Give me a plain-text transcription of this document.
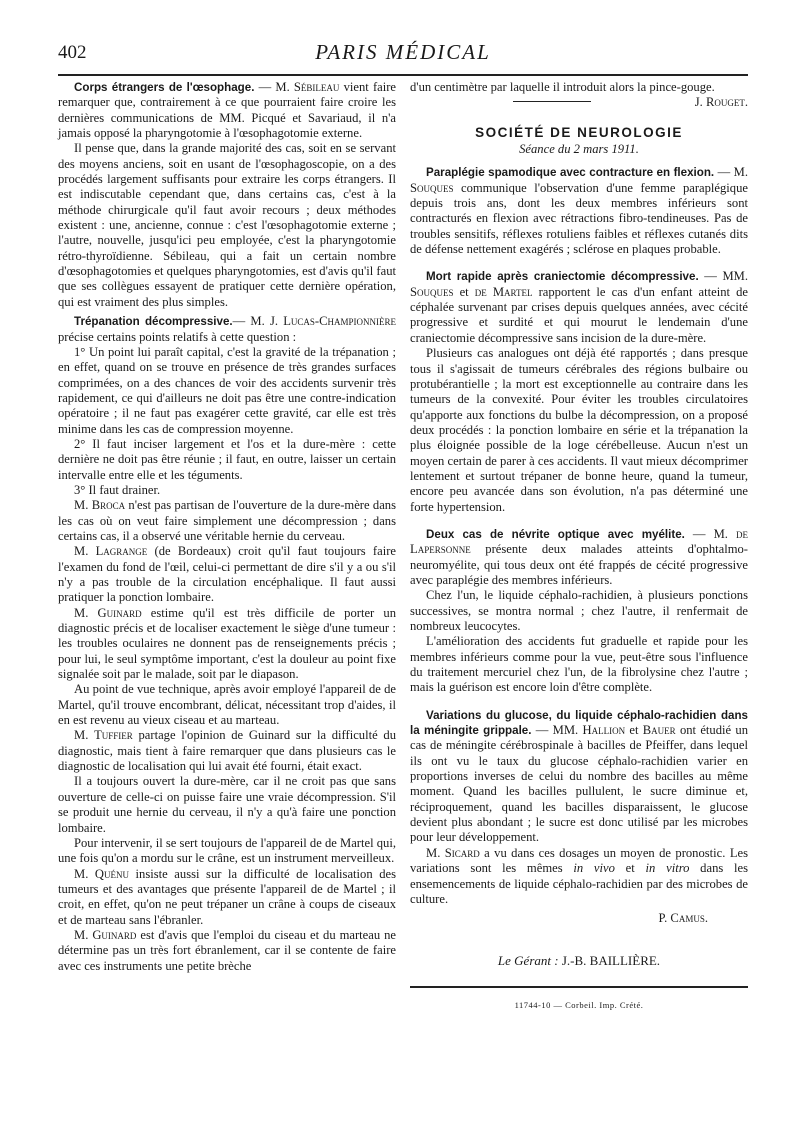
402	PARIS MÉDICAL

Corps étrangers de l'œsophage. — M. Sébileau vient faire remarquer que, contrairement à ce que pourraient faire croire les dernières communications de MM. Picqué et Savariaud, il n'a jamais opposé la pharyngotomie à l'œsophagotomie externe.

Il pense que, dans la grande majorité des cas, soit en se servant des moyens anciens, soit en usant de l'œsophagoscopie, on a des procédés largement suffisants pour extraire les corps étrangers. Il est indiscutable cependant que, dans certains cas, c'est à la méthode chirurgicale qu'il faut avoir recours ; deux méthodes existent : une, ancienne, connue : c'est l'œsophagotomie externe ; l'autre, nouvelle, jusqu'ici peu employée, c'est la pharyngotomie rétro-thyroïdienne. Sébileau, qui a fait un certain nombre d'œsophagotomies et quelques pharyngotomies, est d'avis qu'il faut que ses collègues essayent de pratiquer cette dernière opération, qui est vraiment des plus simples.

Trépanation décompressive.— M. J. Lucas-Championnière précise certains points relatifs à cette question :

1° Un point lui paraît capital, c'est la gravité de la trépanation ; en effet, quand on se trouve en présence de très grandes surfaces comprimées, on a des chances de voir des accidents survenir très rapidement, ce qui d'ailleurs ne doit pas être une contre-indication opératoire ; il ne faut pas exagérer cette gravité, car elle est très minime dans les cas de compression moyenne.

2° Il faut inciser largement et l'os et la dure-mère : cette dernière ne doit pas être réunie ; il faut, en outre, laisser un certain intervalle entre elle et les téguments.

3° Il faut drainer.

M. Broca n'est pas partisan de l'ouverture de la dure-mère dans les cas où on veut faire simplement une décompression ; dans certains cas, il a observé une véritable hernie du cerveau.

M. Lagrange (de Bordeaux) croit qu'il faut toujours faire l'examen du fond de l'œil, celui-ci permettant de dire s'il y a ou s'il n'y a pas trouble de la circulation encéphalique. Il faut aussi pratiquer la ponction lombaire.

M. Guinard estime qu'il est très difficile de porter un diagnostic précis et de localiser exactement le siège d'une tumeur : les troubles oculaires ne donnent pas de renseignements précis ; pour lui, le seul symptôme important, c'est la douleur au point fixe signalée soit par le malade, soit par le diapason.

Au point de vue technique, après avoir employé l'appareil de de Martel, qu'il trouve encombrant, délicat, nécessitant trop d'aides, il en est revenu au vieux ciseau et au marteau.

M. Tuffier partage l'opinion de Guinard sur la difficulté du diagnostic, mais tient à faire remarquer que dans plusieurs cas le diagnostic de localisation qui lui avait été fourni, était exact.

Il a toujours ouvert la dure-mère, car il ne croit pas que sans ouverture de celle-ci on puisse faire une vraie décompression. S'il se produit une hernie du cerveau, il n'y a qu'à faire une ponction lombaire.

Pour intervenir, il se sert toujours de l'appareil de de Martel qui, une fois qu'on a mordu sur le crâne, est un instrument merveilleux.

M. Quénu insiste aussi sur la difficulté de localisation des tumeurs et des avantages que présente l'appareil de de Martel ; il croit, en effet, qu'on ne peut trépaner un crâne à coups de ciseaux et de marteau sans l'ébranler.

M. Guinard est d'avis que l'emploi du ciseau et du marteau ne détermine pas un très fort ébranlement, car il se contente de faire avec ces instruments une petite brèche

d'un centimètre par laquelle il introduit alors la pince-gouge.

J. Rouget.

SOCIÉTÉ DE NEUROLOGIE

Séance du 2 mars 1911.

Paraplégie spamodique avec contracture en flexion. — M. Souques communique l'observation d'une femme paraplégique depuis trois ans, dont les deux membres inférieurs sont contracturés en flexion avec rétractions fibro-tendineuses. Pas de troubles sensitifs, réflexes rotuliens faibles et réflexes cutanés dits de défense nettement exagérés ; sclérose en plaques probable.

Mort rapide après craniectomie décompressive. — MM. Souques et de Martel rapportent le cas d'un enfant atteint de céphalée survenant par crises depuis quelques années, avec cécité progressive et surdité et qui mourut le lendemain d'une craniectomie décompressive sans incision de la dure-mère.

Plusieurs cas analogues ont déjà été rapportés ; dans presque tous il s'agissait de tumeurs cérébrales des régions bulbaire ou protubérantielle ; la mort est exceptionnelle au contraire dans les tumeurs de la convexité. Pour éviter les troubles circulatoires qu'apporte aux fonctions du bulbe la décompression, on a proposé deux procédés : la ponction lombaire en série et la trépanation la plus éloignée possible de la loge cérébelleuse. Aucun n'est un moyen certain de parer à ces accidents. Il vaut mieux décomprimer lentement et surtout trépaner de bonne heure, quand la tumeur, encore peu avancée dans son évolution, n'a pas déterminé une forte hypertension.

Deux cas de névrite optique avec myélite. — M. de Lapersonne présente deux malades atteints d'ophtalmo-neuromyélite, qui tous deux ont été frappés de cécité progressive avec paraplégie des membres inférieurs.

Chez l'un, le liquide céphalo-rachidien, à plusieurs ponctions successives, se montra normal ; chez l'autre, il renfermait de nombreux leucocytes.

L'amélioration des accidents fut graduelle et rapide pour les membres inférieurs comme pour la vue, peut-être sous l'influence du traitement mercuriel chez l'un, de la fibrolysine chez l'autre ; mais la guérison est encore loin d'être complète.

Variations du glucose, du liquide céphalo-rachidien dans la méningite grippale. — MM. Hallion et Bauer ont étudié un cas de méningite cérébrospinale à bacilles de Pfeiffer, dans lequel ils ont vu le taux du glucose céphalo-rachidien varier en proportions inverses de celui du nombre des bacilles au même moment. Quand les bacilles pullulent, le sucre diminue et, réciproquement, quand les bacilles disparaissent, le glucose devient plus abondant ; le sucre est donc utilisé par les microbes pour leur développement.

M. Sicard a vu dans ces dosages un moyen de pronostic. Les variations sont les mêmes in vivo et in vitro dans les ensemencements de liquide céphalo-rachidien par des microbes de culture.

P. Camus.

Le Gérant : J.-B. BAILLIÈRE.

11744-10 — Corbeil. Imp. Crété.
